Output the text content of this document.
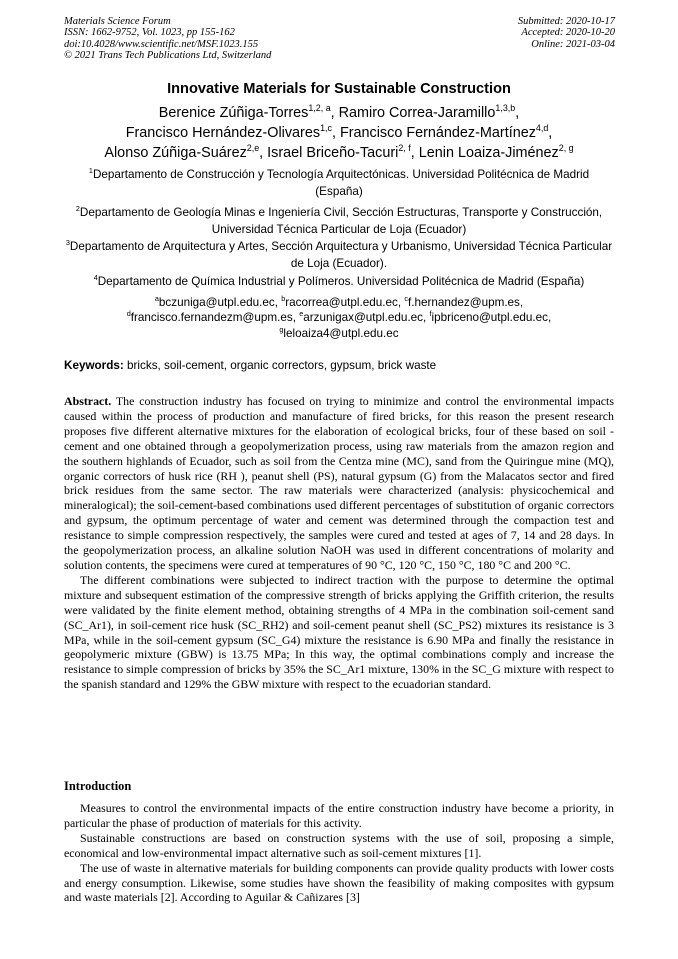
Materials Science Forum
ISSN: 1662-9752, Vol. 1023, pp 155-162
doi:10.4028/www.scientific.net/MSF.1023.155
© 2021 Trans Tech Publications Ltd, Switzerland
Submitted: 2020-10-17
Accepted: 2020-10-20
Online: 2021-03-04
Innovative Materials for Sustainable Construction
Berenice Zúñiga-Torres$^{1,2, a}$, Ramiro Correa-Jaramillo$^{1,3,b}$,
Francisco Hernández-Olivares$^{1,c}$, Francisco Fernández-Martínez$^{4,d}$,
Alonso Zúñiga-Suárez$^{2,e}$, Israel Briceño-Tacuri$^{2, f}$, Lenin Loaiza-Jiménez$^{2, g}$
$^1$Departamento de Construcción y Tecnología Arquitectónicas. Universidad Politécnica de Madrid (España)
$^2$Departamento de Geología Minas e Ingeniería Civil, Sección Estructuras, Transporte y Construcción, Universidad Técnica Particular de Loja (Ecuador)
$^3$Departamento de Arquitectura y Artes, Sección Arquitectura y Urbanismo, Universidad Técnica Particular de Loja (Ecuador).
$^4$Departamento de Química Industrial y Polímeros. Universidad Politécnica de Madrid (España)
$^a$bczuniga@utpl.edu.ec, $^b$racorrea@utpl.edu.ec, $^c$f.hernandez@upm.es,
$^d$francisco.fernandezm@upm.es, $^e$arzunigax@utpl.edu.ec, $^f$ipbriceno@utpl.edu.ec,
$^g$leloaiza4@utpl.edu.ec
Keywords: bricks, soil-cement, organic correctors, gypsum, brick waste

Abstract. The construction industry has focused on trying to minimize and control the environmental impacts caused within the process of production and manufacture of fired bricks, for this reason the present research proposes five different alternative mixtures for the elaboration of ecological bricks, four of these based on soil -cement and one obtained through a geopolymerization process, using raw materials from the amazon region and the southern highlands of Ecuador, such as soil from the Centza mine (MC), sand from the Quiringue mine (MQ), organic correctors of husk rice (RH ), peanut shell (PS), natural gypsum (G) from the Malacatos sector and fired brick residues from the same sector. The raw materials were characterized (analysis: physicochemical and mineralogical); the soil-cement-based combinations used different percentages of substitution of organic correctors and gypsum, the optimum percentage of water and cement was determined through the compaction test and resistance to simple compression respectively, the samples were cured and tested at ages of 7, 14 and 28 days. In the geopolymerization process, an alkaline solution NaOH was used in different concentrations of molarity and solution contents, the specimens were cured at temperatures of 90 °C, 120 °C, 150 °C, 180 °C and 200 °C.

The different combinations were subjected to indirect traction with the purpose to determine the optimal mixture and subsequent estimation of the compressive strength of bricks applying the Griffith criterion, the results were validated by the finite element method, obtaining strengths of 4 MPa in the combination soil-cement sand (SC_Ar1), in soil-cement rice husk (SC_RH2) and soil-cement peanut shell (SC_PS2) mixtures its resistance is 3 MPa, while in the soil-cement gypsum (SC_G4) mixture the resistance is 6.90 MPa and finally the resistance in geopolymeric mixture (GBW) is 13.75 MPa; In this way, the optimal combinations comply and increase the resistance to simple compression of bricks by 35% the SC_Ar1 mixture, 130% in the SC_G mixture with respect to the spanish standard and 129% the GBW mixture with respect to the ecuadorian standard.

Introduction

Measures to control the environmental impacts of the entire construction industry have become a priority, in particular the phase of production of materials for this activity.

Sustainable constructions are based on construction systems with the use of soil, proposing a simple, economical and low-environmental impact alternative such as soil-cement mixtures [1].

The use of waste in alternative materials for building components can provide quality products with lower costs and energy consumption. Likewise, some studies have shown the feasibility of making composites with gypsum and waste materials [2]. According to Aguilar & Cañizares [3]
